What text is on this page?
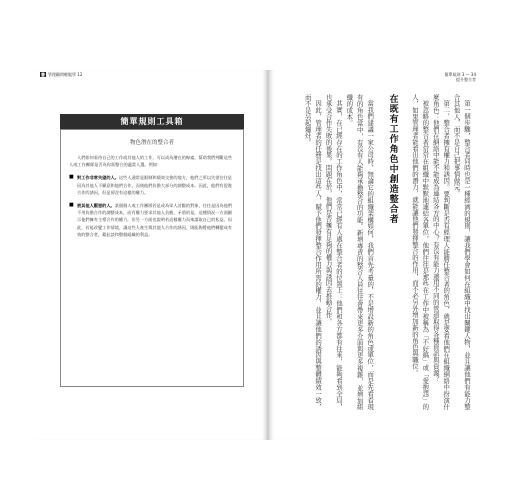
書 管理顧問輕鬆學 12
簡單規則工具箱
物色潛在的整合者

人們如何看待自己的工作或其他人的工作，可以成為潛在的線索，幫助我們判斷這些人或工作團隊是否為你需整合的適當人選。例如：

■ 對工作非常失望的人。這些人通常是限制和績效交會的地方，他們之所以失望往往是因為其他人不願意和他們合作，而使他們負擔大部分的調整成本。因此，他們有促進合作的誘因，但是卻沒有這樣的權力。
■ 被其他人厭惡的人。某個個人或工作團隊若是成為眾人討厭的對象，往往是因為他們不用負擔合作的調整成本，而有權力要求其他人負擔，矛盾的是，這種情況一方面顯示他們擁有主導合作的權力，但另一方面也說明若這樣權力而來謀取自己的私益。因此，若能改變工作情境，讓這些人產生與其他人合作的誘因，則能夠將他們轉變成有效的整合者，藉此談和整個組織的利益。
簡單規則 3 — 34
提升整合者

第一個步驟，整合者同時也是一種經濟的規則，讓我們學會如何在組織中找出關鍵人物，並且讓他們有能力整合其他人，而不是自己把事情做完。

第二，整合者擁有權力和誘因。要判斷是否有經理人能勝任整合者的角色，就是要看他們在組織網絡中扮演什麼角色：他們在網絡中能不能成為連結各方的中心？有沒有能力運用不同的管道取得各種資訊與資源？

被忽略的整合者常常在組織中默默地連結各單位，他們往往是那些在工作中被稱為「不好搞」或「愛抱怨」的人，如果管理者能看出他們的潛力，就能讓他們發揮整合的作用，而不必另外增加新的角色與職位。

在既有工作角色中創造整合者

當我們建議一家公司時，無論它的組織架構如何，我們首先考量的，不是增設新的角色或單位，而是先看看現有的角色當中，有沒有人能夠承擔整合的功能。新增專責的整合人員往往會帶來更多介面與更多複雜，並增加組織的成本。

其實，在已經存在的工作角色中，常常已經有人處在整合者的位置上：他們和各方都有往來，能夠看到全局，也承受合作失敗的後果。問題在於，他們是否擁有足夠的權力與誘因去推動合作。

因此，管理者的任務是找出這些人，賦予他們發揮整合作用所需的權力，並且讓他們的誘因與整體績效一致，而不是另起爐灶。
